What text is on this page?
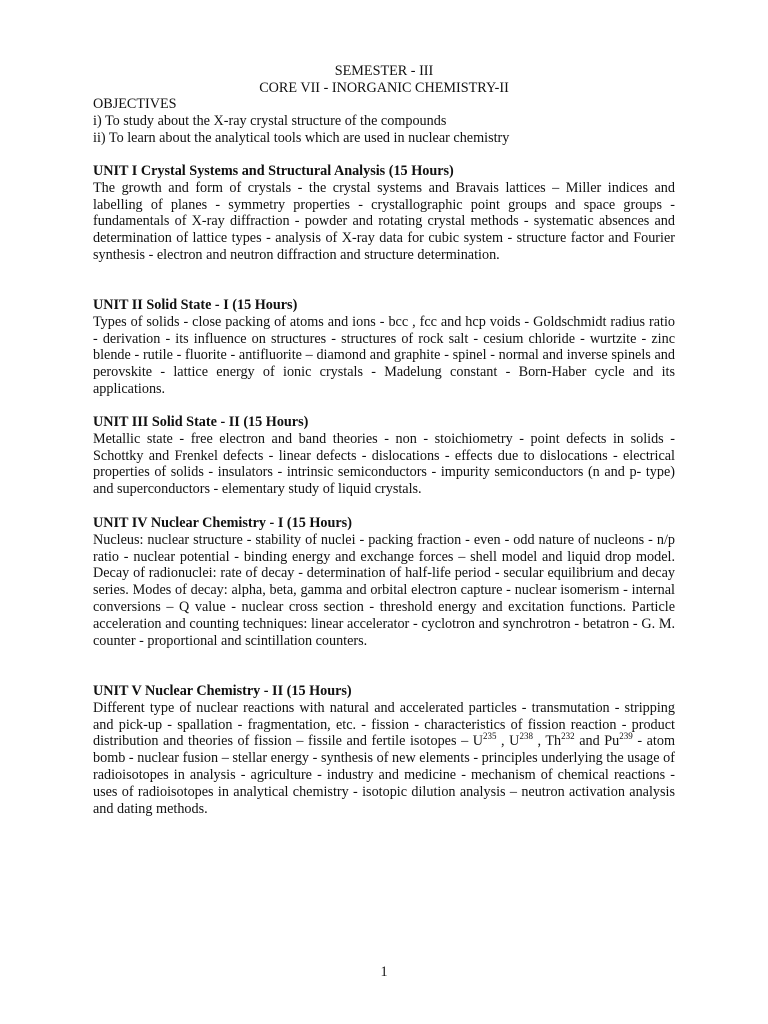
SEMESTER - III
CORE VII - INORGANIC CHEMISTRY-II
OBJECTIVES
i) To study about the X-ray crystal structure of the compounds
ii) To learn about the analytical tools which are used in nuclear chemistry
UNIT I Crystal Systems and Structural Analysis (15 Hours)

The growth and form of crystals - the crystal systems and Bravais lattices – Miller indices and labelling of planes - symmetry properties - crystallographic point groups and space groups - fundamentals of X-ray diffraction - powder and rotating crystal methods - systematic absences and determination of lattice types - analysis of X-ray data for cubic system - structure factor and Fourier synthesis - electron and neutron diffraction and structure determination.

UNIT II Solid State - I (15 Hours)

Types of solids - close packing of atoms and ions - bcc , fcc and hcp voids - Goldschmidt radius ratio - derivation - its influence on structures - structures of rock salt - cesium chloride - wurtzite - zinc blende - rutile - fluorite - antifluorite – diamond and graphite - spinel - normal and inverse spinels and perovskite - lattice energy of ionic crystals - Madelung constant - Born-Haber cycle and its applications.

UNIT III Solid State - II (15 Hours)

Metallic state - free electron and band theories - non - stoichiometry - point defects in solids - Schottky and Frenkel defects - linear defects - dislocations - effects due to dislocations - electrical properties of solids - insulators - intrinsic semiconductors - impurity semiconductors (n and p- type) and superconductors - elementary study of liquid crystals.

UNIT IV Nuclear Chemistry - I (15 Hours)

Nucleus: nuclear structure - stability of nuclei - packing fraction - even - odd nature of nucleons - n/p ratio - nuclear potential - binding energy and exchange forces – shell model and liquid drop model. Decay of radionuclei: rate of decay - determination of half-life period - secular equilibrium and decay series. Modes of decay: alpha, beta, gamma and orbital electron capture - nuclear isomerism - internal conversions – Q value - nuclear cross section - threshold energy and excitation functions. Particle acceleration and counting techniques: linear accelerator - cyclotron and synchrotron - betatron - G. M. counter - proportional and scintillation counters.

UNIT V Nuclear Chemistry - II (15 Hours)

Different type of nuclear reactions with natural and accelerated particles - transmutation - stripping and pick-up - spallation - fragmentation, etc. - fission - characteristics of fission reaction - product distribution and theories of fission – fissile and fertile isotopes – $U^{235}$ , $U^{238}$ , Th$^{232}$ and Pu$^{239}$ - atom bomb - nuclear fusion – stellar energy - synthesis of new elements - principles underlying the usage of radioisotopes in analysis - agriculture - industry and medicine - mechanism of chemical reactions - uses of radioisotopes in analytical chemistry - isotopic dilution analysis – neutron activation analysis and dating methods.

1
